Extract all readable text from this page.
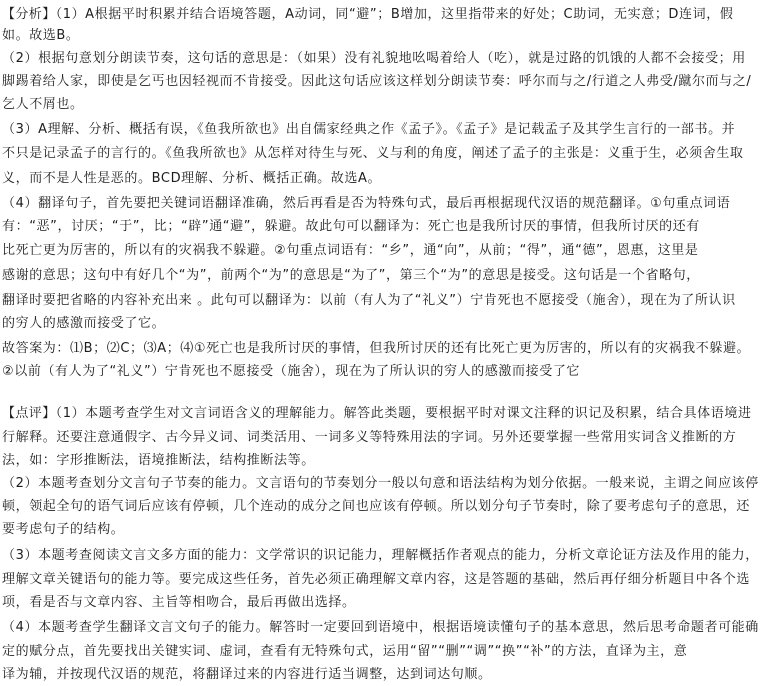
【分析】（1）A根据平时积累并结合语境答题，A动词，同“避”；B增加，这里指带来的好处；C助词，无实意；D连词，假
如。故选B。
（2）根据句意划分朗读节奏，这句话的意思是：（如果）没有礼貌地吆喝着给人（吃），就是过路的饥饿的人都不会接受；用
脚踢着给人家，即使是乞丐也因轻视而不肯接受。因此这句话应该这样划分朗读节奏：呼尔而与之/行道之人弗受/蹴尔而与之/
乞人不屑也。
（3）A理解、分析、概括有误，《鱼我所欲也》出自儒家经典之作《孟子》。《孟子》是记载孟子及其学生言行的一部书。并
不只是记录孟子的言行的。《鱼我所欲也》从怎样对待生与死、义与利的角度，阐述了孟子的主张是：义重于生，必须舍生取
义，而不是人性是恶的。BCD理解、分析、概括正确。故选A。
（4）翻译句子，首先要把关键词语翻译准确，然后再看是否为特殊句式，最后再根据现代汉语的规范翻译。①句重点词语
有：“恶”，讨厌；“于”，比；“辟”通“避”，躲避。故此句可以翻译为：死亡也是我所讨厌的事情，但我所讨厌的还有
比死亡更为厉害的，所以有的灾祸我不躲避。②句重点词语有：“乡”，通“向”，从前；“得”，通“德”，恩惠，这里是
感谢的意思；这句中有好几个“为”，前两个“为”的意思是“为了”，第三个“为”的意思是接受。这句话是一个省略句，
翻译时要把省略的内容补充出来 。此句可以翻译为：以前（有人为了“礼义”）宁肯死也不愿接受（施舍），现在为了所认识
的穷人的感激而接受了它。
故答案为：⑴B；⑵C；⑶A；⑷①死亡也是我所讨厌的事情，但我所讨厌的还有比死亡更为厉害的，所以有的灾祸我不躲避。
②以前（有人为了“礼义”）宁肯死也不愿接受（施舍），现在为了所认识的穷人的感激而接受了它
【点评】（1）本题考查学生对文言词语含义的理解能力。解答此类题，要根据平时对课文注释的识记及积累，结合具体语境进
行解释。还要注意通假字、古今异义词、词类活用、一词多义等特殊用法的字词。另外还要掌握一些常用实词含义推断的方
法，如：字形推断法，语境推断法，结构推断法等。
（2）本题考查划分文言句子节奏的能力。文言语句的节奏划分一般以句意和语法结构为划分依据。一般来说，主谓之间应该停
顿，领起全句的语气词后应该有停顿，几个连动的成分之间也应该有停顿。所以划分句子节奏时，除了要考虑句子的意思，还
要考虑句子的结构。
（3）本题考查阅读文言文多方面的能力：文学常识的识记能力，理解概括作者观点的能力，分析文章论证方法及作用的能力，
理解文章关键语句的能力等。要完成这些任务，首先必须正确理解文章内容，这是答题的基础，然后再仔细分析题目中各个选
项，看是否与文章内容、主旨等相吻合，最后再做出选择。
（4）本题考查学生翻译文言文句子的能力。解答时一定要回到语境中，根据语境读懂句子的基本意思，然后思考命题者可能确
定的赋分点，首先要找出关键实词、虚词，查看有无特殊句式，运用“留”“删”“调”“换”“补”的方法，直译为主，意
译为辅，并按现代汉语的规范，将翻译过来的内容进行适当调整，达到词达句顺。
